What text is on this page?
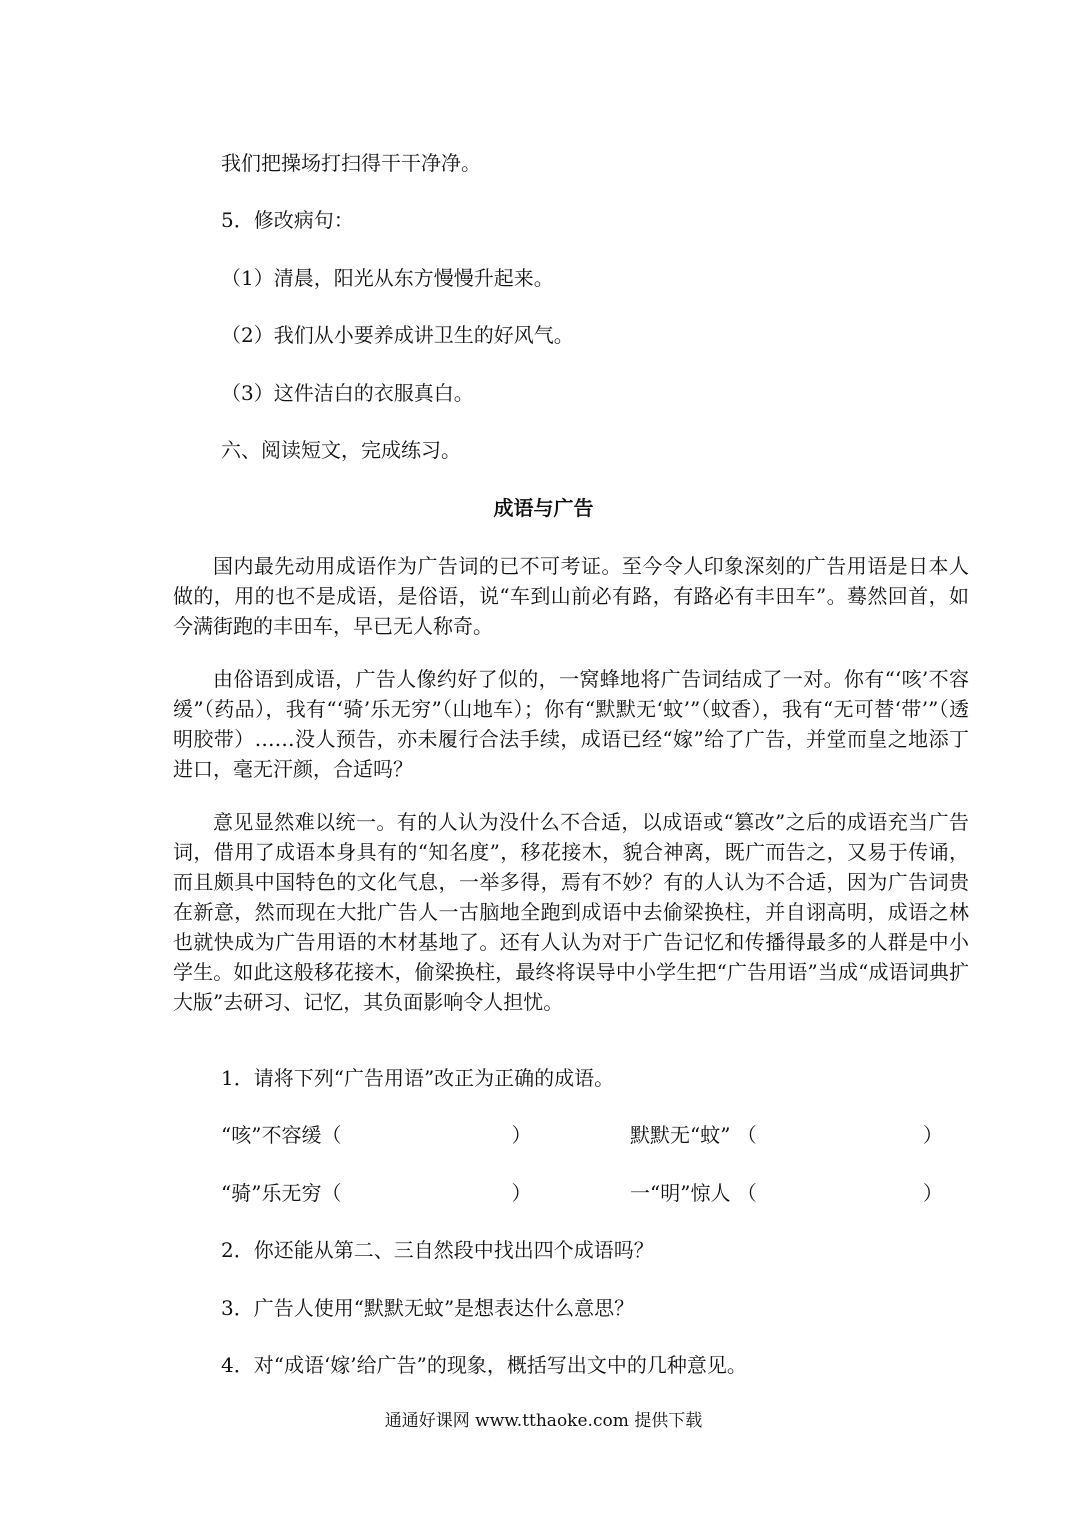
我们把操场打扫得干干净净。
5．修改病句：
（1）清晨，阳光从东方慢慢升起来。
（2）我们从小要养成讲卫生的好风气。
（3）这件洁白的衣服真白。
六、阅读短文，完成练习。
成语与广告
国内最先动用成语作为广告词的已不可考证。至今令人印象深刻的广告用语是日本人做的，用的也不是成语，是俗语，说“车到山前必有路，有路必有丰田车”。蓦然回首，如今满街跑的丰田车，早已无人称奇。
由俗语到成语，广告人像约好了似的，一窝蜂地将广告词结成了一对。你有“‘咳’不容缓”（药品），我有“‘骑’乐无穷”（山地车）；你有“默默无‘蚊’”（蚊香），我有“无可替‘带’”（透明胶带）……没人预告，亦未履行合法手续，成语已经“嫁”给了广告，并堂而皇之地添丁进口，毫无汗颜，合适吗？
意见显然难以统一。有的人认为没什么不合适，以成语或“篡改”之后的成语充当广告词，借用了成语本身具有的“知名度”，移花接木，貌合神离，既广而告之，又易于传诵，而且颇具中国特色的文化气息，一举多得，焉有不妙？有的人认为不合适，因为广告词贵在新意，然而现在大批广告人一古脑地全跑到成语中去偷梁换柱，并自诩高明，成语之林也就快成为广告用语的木材基地了。还有人认为对于广告记忆和传播得最多的人群是中小学生。如此这般移花接木，偷梁换柱，最终将误导中小学生把“广告用语”当成“成语词典扩大版”去研习、记忆，其负面影响令人担忧。
1．请将下列“广告用语”改正为正确的成语。
“咳”不容缓（	）	默默无“蚊” （	）
“骑”乐无穷（	）	一“明”惊人 （	）
2．你还能从第二、三自然段中找出四个成语吗？
3．广告人使用“默默无蚊”是想表达什么意思？
4．对“成语‘嫁’给广告”的现象，概括写出文中的几种意见。
通通好课网 www.tthaoke.com 提供下载
